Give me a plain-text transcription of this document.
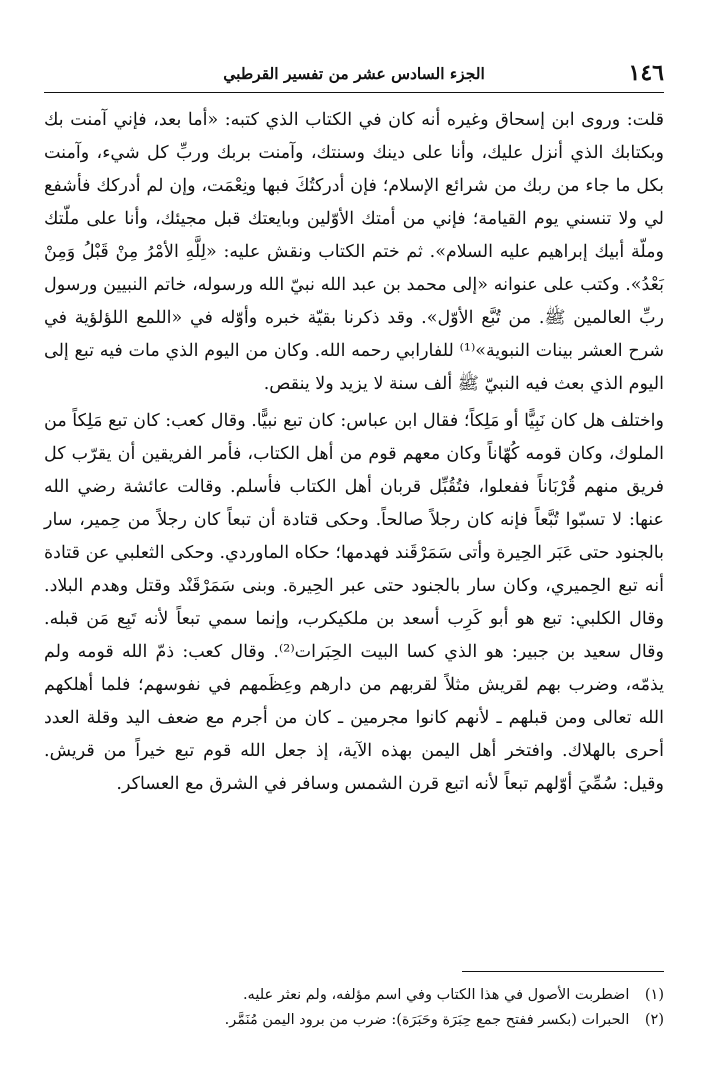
١٤٦
الجزء السادس عشر من تفسير القرطبي

قلت: وروى ابن إسحاق وغيره أنه كان في الكتاب الذي كتبه: «أما بعد، فإني آمنت بك وبكتابك الذي أنزل عليك، وأنا على دينك وسنتك، وآمنت بربك وربِّ كل شيء، وآمنت بكل ما جاء من ربك من شرائع الإسلام؛ فإن أدركتُكَ فبها ونِعْمَت، وإن لم أدركك فأشفع لي ولا تنسني يوم القيامة؛ فإني من أمتك الأوّلين وبايعتك قبل مجيئك، وأنا على ملّتك وملّة أبيك إبراهيم عليه السلام». ثم ختم الكتاب ونقش عليه: «لِلَّهِ الأمْرُ مِنْ قَبْلُ وَمِنْ بَعْدُ». وكتب على عنوانه «إلى محمد بن عبد الله نبيّ الله ورسوله، خاتم النبيين ورسول ربِّ العالمين ﷺ. من تُبَّع الأوّل». وقد ذكرنا بقيّة خبره وأوّله في «اللمع اللؤلؤية في شرح العشر بينات النبوية»⁽¹⁾ للفارابي رحمه الله. وكان من اليوم الذي مات فيه تبع إلى اليوم الذي بعث فيه النبيّ ﷺ ألف سنة لا يزيد ولا ينقص.

واختلف هل كان نَبِيًّا أو مَلِكاً؛ فقال ابن عباس: كان تبع نبيًّا. وقال كعب: كان تبع مَلِكاً من الملوك، وكان قومه كُهّاناً وكان معهم قوم من أهل الكتاب، فأمر الفريقين أن يقرّب كل فريق منهم قُرْبَاناً ففعلوا، فتُقُبِّل قربان أهل الكتاب فأسلم. وقالت عائشة رضي الله عنها: لا تسبّوا تُبَّعاً فإنه كان رجلاً صالحاً. وحكى قتادة أن تبعاً كان رجلاً من حِمير، سار بالجنود حتى عَبَر الحِيرة وأتى سَمَرْقَند فهدمها؛ حكاه الماوردي. وحكى الثعلبي عن قتادة أنه تبع الحِميري، وكان سار بالجنود حتى عبر الحِيرة. وبنى سَمَرْقَنْد وقتل وهدم البلاد. وقال الكلبي: تبع هو أبو كَرِب أسعد بن ملكيكرب، وإنما سمي تبعاً لأنه تَبِع مَن قبله. وقال سعيد بن جبير: هو الذي كسا البيت الحِبَرات⁽²⁾. وقال كعب: ذمّ الله قومه ولم يذمّه، وضرب بهم لقريش مثلاً لقربهم من دارهم وعِظَمهم في نفوسهم؛ فلما أهلكهم الله تعالى ومن قبلهم ـ لأنهم كانوا مجرمين ـ كان من أجرم مع ضعف اليد وقلة العدد أحرى بالهلاك. وافتخر أهل اليمن بهذه الآية، إذ جعل الله قوم تبع خيراً من قريش. وقيل: سُمِّيَ أوّلهم تبعاً لأنه اتبع قرن الشمس وسافر في الشرق مع العساكر.

(١) اضطربت الأصول في هذا الكتاب وفي اسم مؤلفه، ولم نعثر عليه.

(٢) الحبرات (بكسر ففتح جمع حِبَرَة وحَبَرَة): ضرب من برود اليمن مُنَمَّر.
